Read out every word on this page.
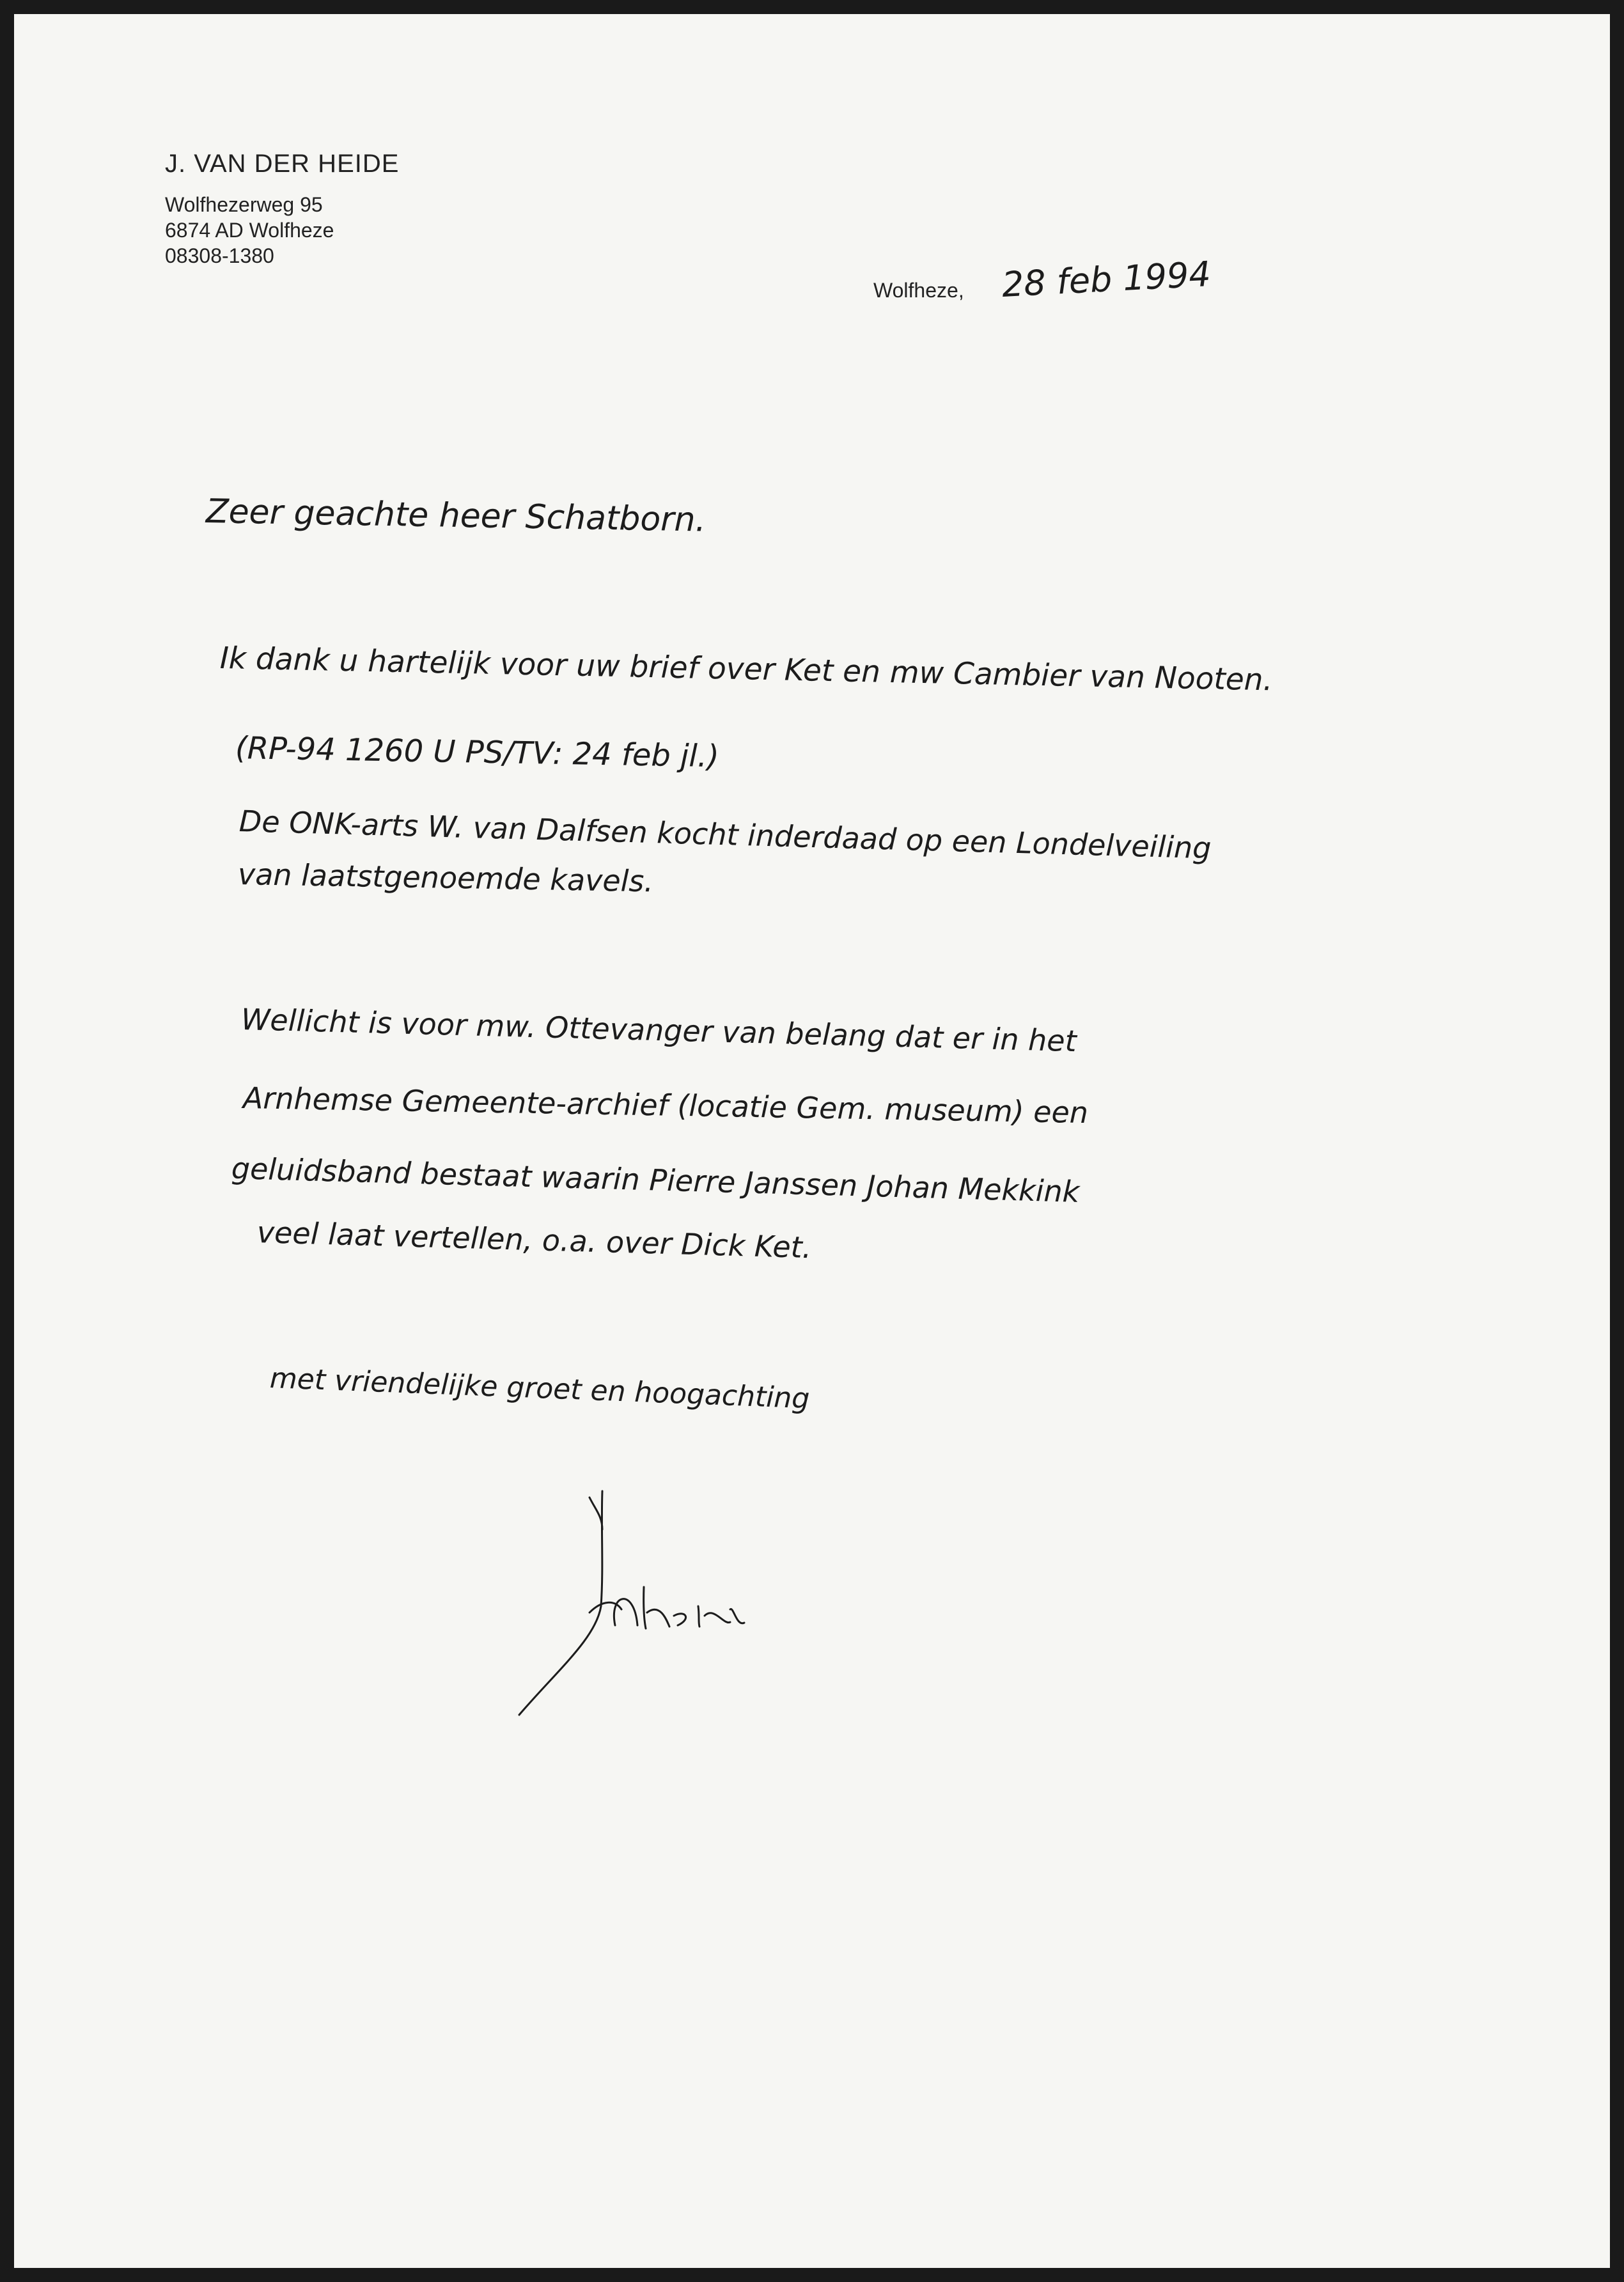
J. VAN DER HEIDE
Wolfhezerweg 95
6874 AD Wolfheze
08308-1380
Wolfheze, 28 feb 1994
Zeer geachte heer Schatborn.
Ik dank u hartelijk voor uw brief over Ket en mw Cambier van Nooten.
(RP-94 1260 U PS/TV: 24 feb jl.)
De ONK-arts W. van Dalfsen kocht inderdaad op een Londelveiling
van laatstgenoemde kavels.
Wellicht is voor mw. Ottevanger van belang dat er in het
Arnhemse Gemeente-archief (locatie Gem. museum) een
geluidsband bestaat waarin Pierre Janssen Johan Mekkink
veel laat vertellen, o.a. over Dick Ket.
met vriendelijke groet en hoogachting
